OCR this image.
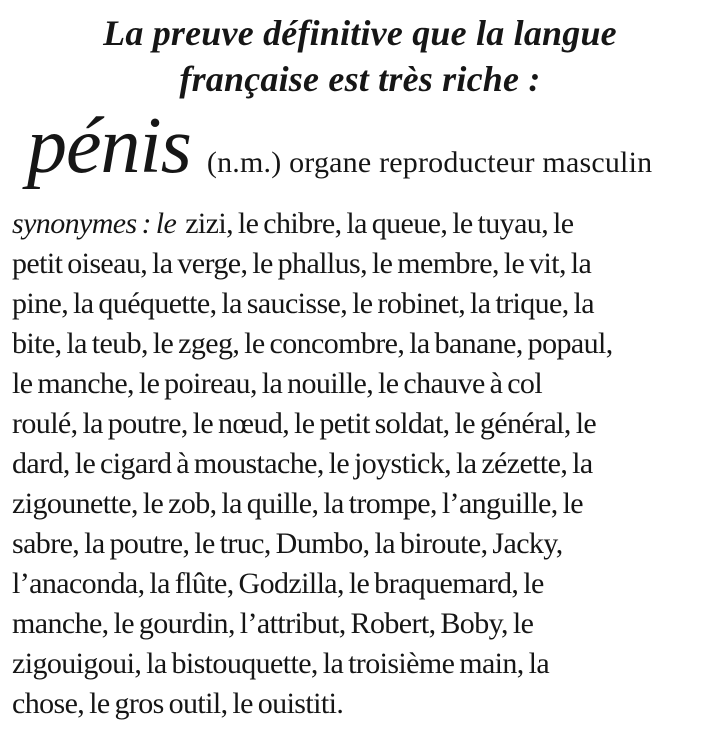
La preuve définitive que la langue
française est très riche :
pénis (n.m.) organe reproducteur masculin
synonymes : le zizi, le chibre, la queue, le tuyau, le
petit oiseau, la verge, le phallus, le membre, le vit, la
pine, la quéquette, la saucisse, le robinet, la trique, la
bite, la teub, le zgeg, le concombre, la banane, popaul,
le manche, le poireau, la nouille, le chauve à col
roulé, la poutre, le nœud, le petit soldat, le général, le
dard, le cigard à moustache, le joystick, la zézette, la
zigounette, le zob, la quille, la trompe, l’anguille, le
sabre, la poutre, le truc, Dumbo, la biroute, Jacky,
l’anaconda, la flûte, Godzilla, le braquemard, le
manche, le gourdin, l’attribut, Robert, Boby, le
zigouigoui, la bistouquette, la troisième main, la
chose, le gros outil, le ouistiti.
